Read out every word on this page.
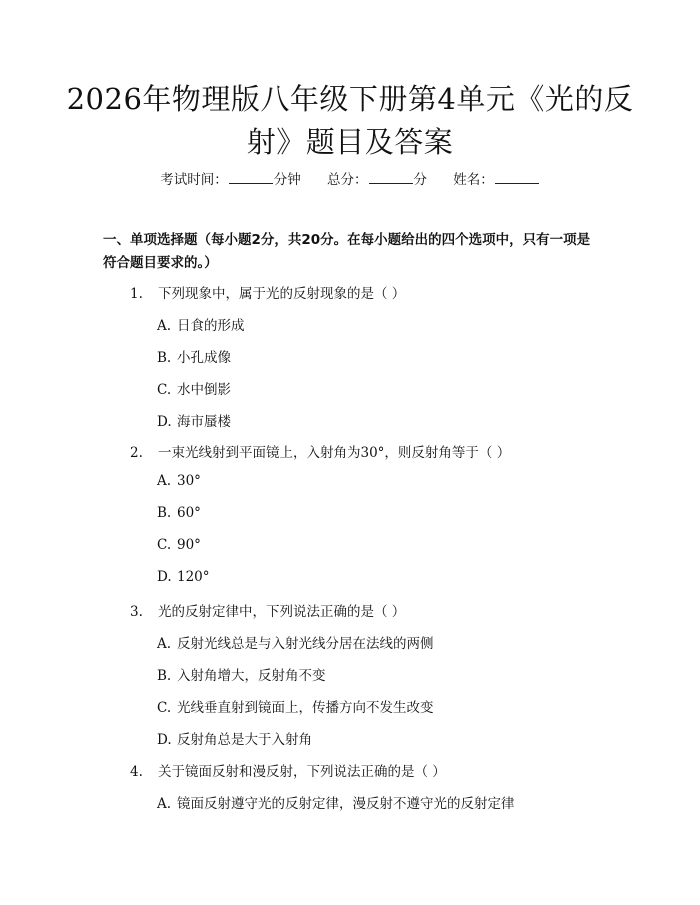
2026年物理版八年级下册第4单元《光的反射》题目及答案
考试时间：	分钟 总分：	分 姓名：
一、单项选择题（每小题2分，共20分。在每小题给出的四个选项中，只有一项是符合题目要求的。）
1. 下列现象中，属于光的反射现象的是（ ）
A. 日食的形成
B. 小孔成像
C. 水中倒影
D. 海市蜃楼
2. 一束光线射到平面镜上，入射角为30°，则反射角等于（ ）
A. 30°
B. 60°
C. 90°
D. 120°
3. 光的反射定律中，下列说法正确的是（ ）
A. 反射光线总是与入射光线分居在法线的两侧
B. 入射角增大，反射角不变
C. 光线垂直射到镜面上，传播方向不发生改变
D. 反射角总是大于入射角
4. 关于镜面反射和漫反射，下列说法正确的是（ ）
A. 镜面反射遵守光的反射定律，漫反射不遵守光的反射定律
